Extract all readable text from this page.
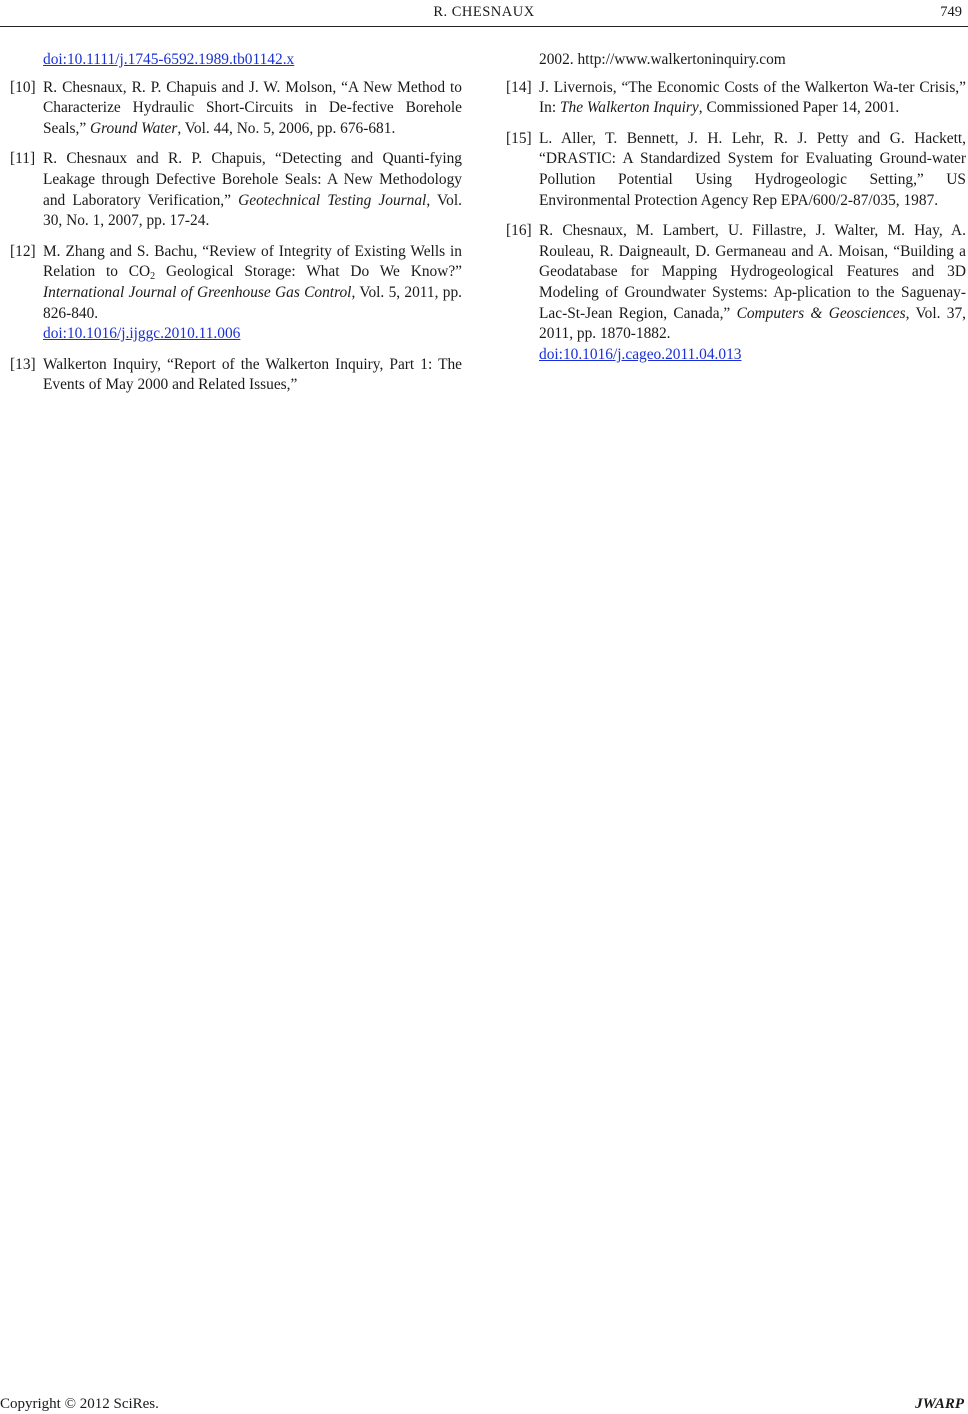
R. CHESNAUX	749
doi:10.1111/j.1745-6592.1989.tb01142.x
[10] R. Chesnaux, R. P. Chapuis and J. W. Molson, “A New Method to Characterize Hydraulic Short-Circuits in De-fective Borehole Seals,” Ground Water, Vol. 44, No. 5, 2006, pp. 676-681.
[11] R. Chesnaux and R. P. Chapuis, “Detecting and Quanti-fying Leakage through Defective Borehole Seals: A New Methodology and Laboratory Verification,” Geotechnical Testing Journal, Vol. 30, No. 1, 2007, pp. 17-24.
[12] M. Zhang and S. Bachu, “Review of Integrity of Existing Wells in Relation to $CO_2$ Geological Storage: What Do We Know?” International Journal of Greenhouse Gas Control, Vol. 5, 2011, pp. 826-840.
doi:10.1016/j.ijggc.2010.11.006
[13] Walkerton Inquiry, “Report of the Walkerton Inquiry, Part 1: The Events of May 2000 and Related Issues,”
2002. http://www.walkertoninquiry.com
[14] J. Livernois, “The Economic Costs of the Walkerton Wa-ter Crisis,” In: The Walkerton Inquiry, Commissioned Paper 14, 2001.
[15] L. Aller, T. Bennett, J. H. Lehr, R. J. Petty and G. Hackett, “DRASTIC: A Standardized System for Evaluating Ground-water Pollution Potential Using Hydrogeologic Setting,” US Environmental Protection Agency Rep EPA/600/2-87/035, 1987.
[16] R. Chesnaux, M. Lambert, U. Fillastre, J. Walter, M. Hay, A. Rouleau, R. Daigneault, D. Germaneau and A. Moisan, “Building a Geodatabase for Mapping Hydrogeological Features and 3D Modeling of Groundwater Systems: Ap-plication to the Saguenay-Lac-St-Jean Region, Canada,” Computers & Geosciences, Vol. 37, 2011, pp. 1870-1882.
doi:10.1016/j.cageo.2011.04.013
Copyright © 2012 SciRes.	JWARP
